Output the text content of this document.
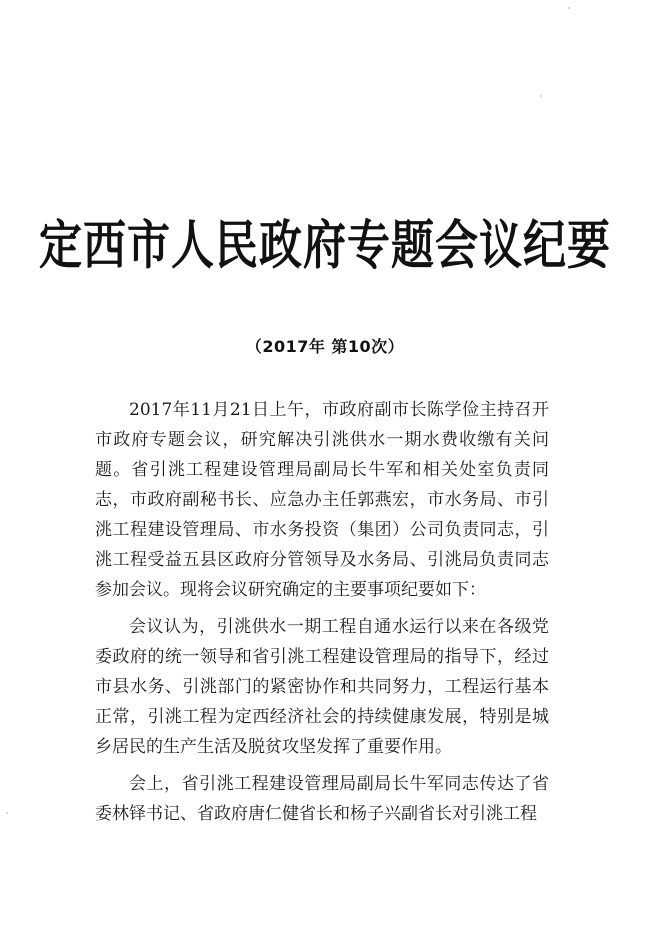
定西市人民政府专题会议纪要
（2017年 第10次）

2017年11月21日上午，市政府副市长陈学俭主持召开市政府专题会议，研究解决引洮供水一期水费收缴有关问题。省引洮工程建设管理局副局长牛军和相关处室负责同志，市政府副秘书长、应急办主任郭燕宏，市水务局、市引洮工程建设管理局、市水务投资（集团）公司负责同志，引洮工程受益五县区政府分管领导及水务局、引洮局负责同志参加会议。现将会议研究确定的主要事项纪要如下：

会议认为，引洮供水一期工程自通水运行以来在各级党委政府的统一领导和省引洮工程建设管理局的指导下，经过市县水务、引洮部门的紧密协作和共同努力，工程运行基本正常，引洮工程为定西经济社会的持续健康发展，特别是城乡居民的生产生活及脱贫攻坚发挥了重要作用。

会上，省引洮工程建设管理局副局长牛军同志传达了省委林铎书记、省政府唐仁健省长和杨子兴副省长对引洮工程
